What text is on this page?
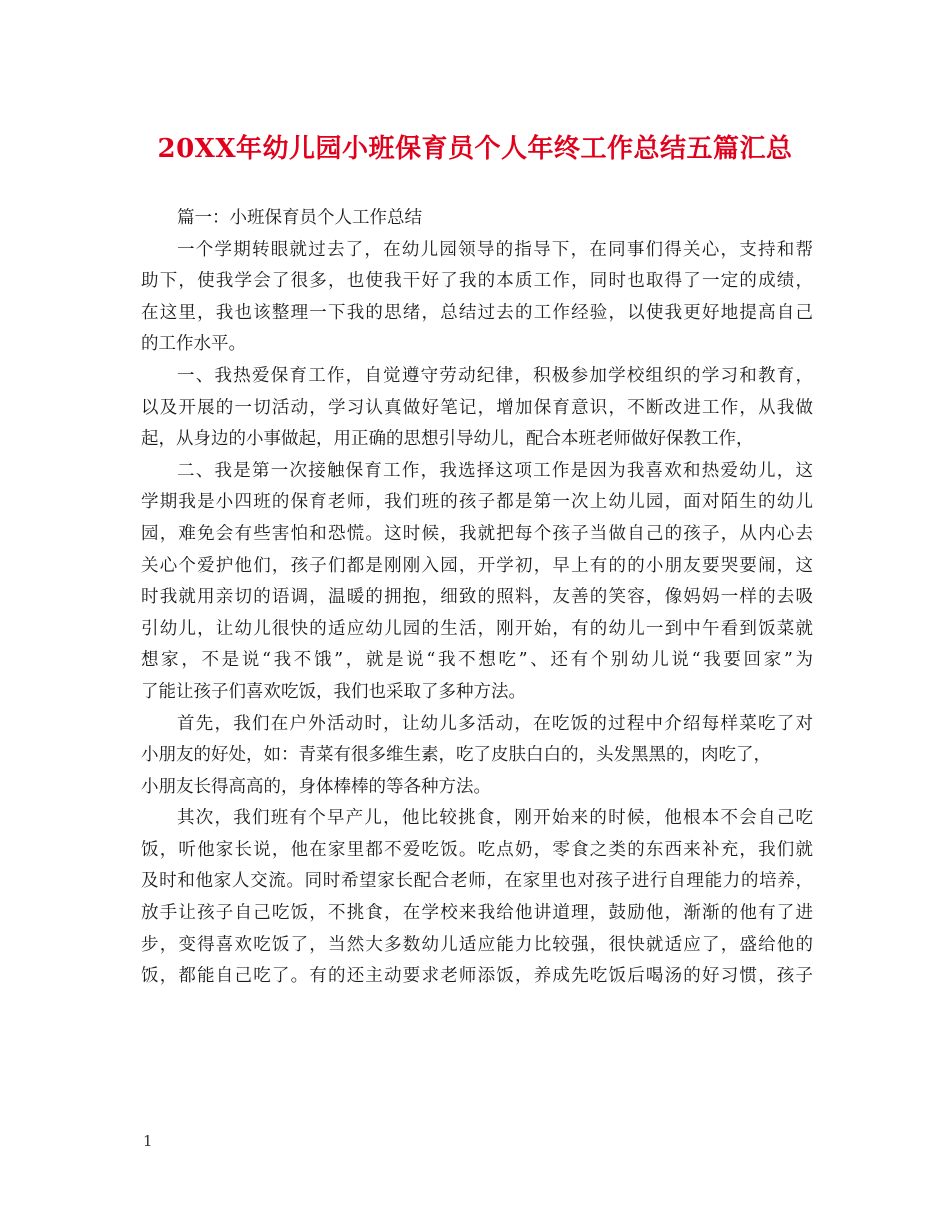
20XX年幼儿园小班保育员个人年终工作总结五篇汇总
篇一：小班保育员个人工作总结
一个学期转眼就过去了，在幼儿园领导的指导下，在同事们得关心，支持和帮
助下，使我学会了很多，也使我干好了我的本质工作，同时也取得了一定的成绩，
在这里，我也该整理一下我的思绪，总结过去的工作经验，以使我更好地提高自己
的工作水平。
一、我热爱保育工作，自觉遵守劳动纪律，积极参加学校组织的学习和教育，
以及开展的一切活动，学习认真做好笔记，增加保育意识，不断改进工作，从我做
起，从身边的小事做起，用正确的思想引导幼儿，配合本班老师做好保教工作，
二、我是第一次接触保育工作，我选择这项工作是因为我喜欢和热爱幼儿，这
学期我是小四班的保育老师，我们班的孩子都是第一次上幼儿园，面对陌生的幼儿
园，难免会有些害怕和恐慌。这时候，我就把每个孩子当做自己的孩子，从内心去
关心个爱护他们，孩子们都是刚刚入园，开学初，早上有的的小朋友要哭要闹，这
时我就用亲切的语调，温暖的拥抱，细致的照料，友善的笑容，像妈妈一样的去吸
引幼儿，让幼儿很快的适应幼儿园的生活，刚开始，有的幼儿一到中午看到饭菜就
想家，不是说“我不饿”，就是说“我不想吃”、还有个别幼儿说“我要回家”为
了能让孩子们喜欢吃饭，我们也采取了多种方法。
首先，我们在户外活动时，让幼儿多活动，在吃饭的过程中介绍每样菜吃了对
小朋友的好处，如：青菜有很多维生素，吃了皮肤白白的，头发黑黑的，肉吃了，
小朋友长得高高的，身体棒棒的等各种方法。
其次，我们班有个早产儿，他比较挑食，刚开始来的时候，他根本不会自己吃
饭，听他家长说，他在家里都不爱吃饭。吃点奶，零食之类的东西来补充，我们就
及时和他家人交流。同时希望家长配合老师，在家里也对孩子进行自理能力的培养，
放手让孩子自己吃饭，不挑食，在学校来我给他讲道理，鼓励他，渐渐的他有了进
步，变得喜欢吃饭了，当然大多数幼儿适应能力比较强，很快就适应了，盛给他的
饭，都能自己吃了。有的还主动要求老师添饭，养成先吃饭后喝汤的好习惯，孩子
1
